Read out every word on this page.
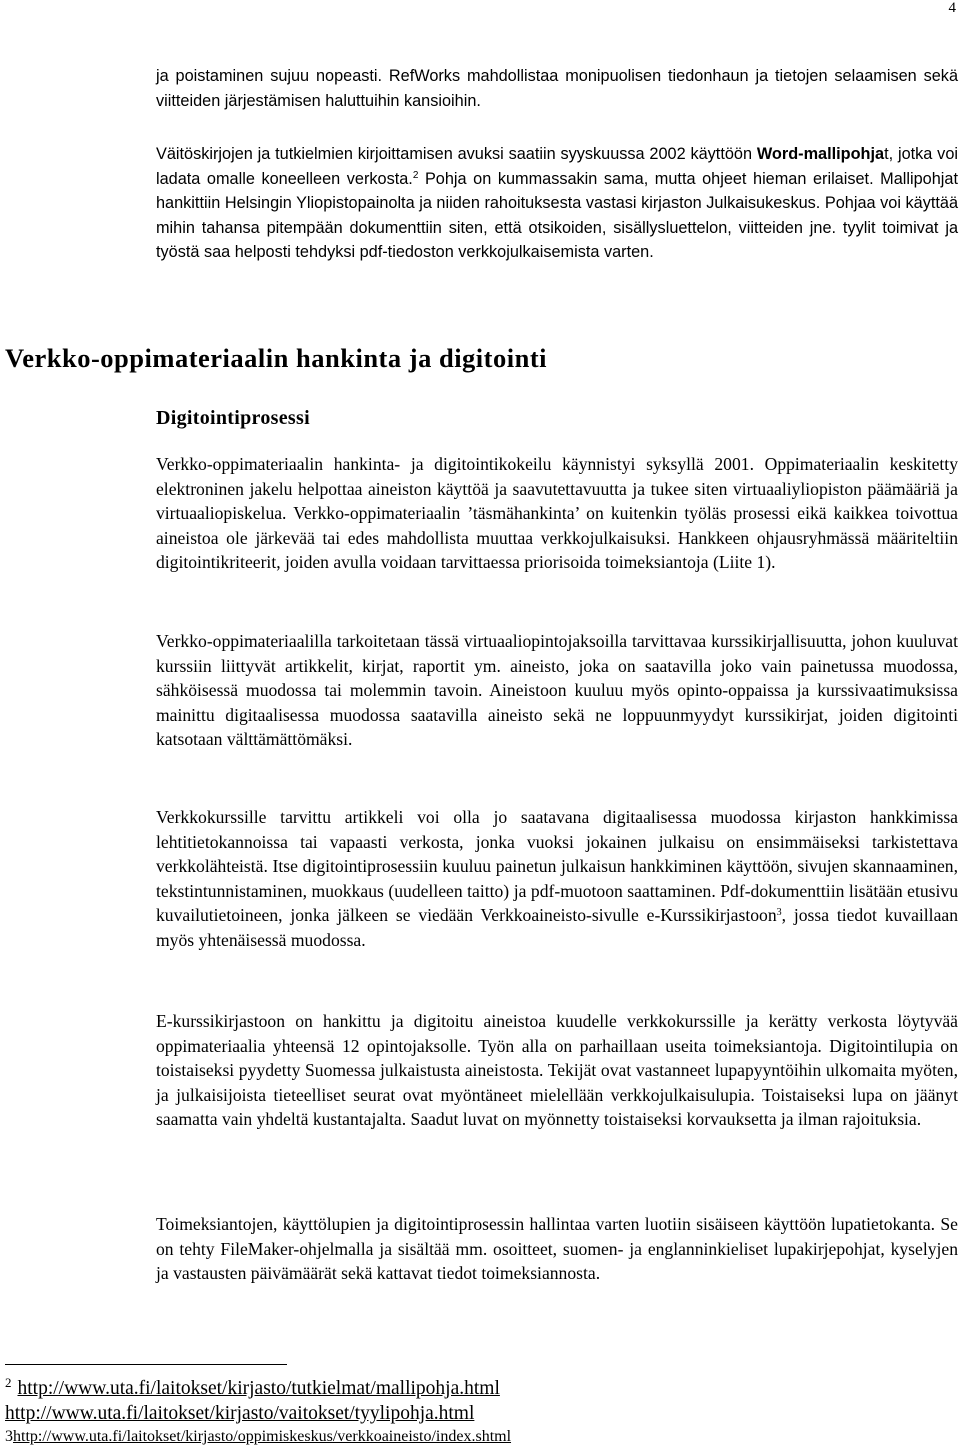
4

ja poistaminen sujuu nopeasti. RefWorks mahdollistaa monipuolisen tiedonhaun ja tietojen selaamisen sekä viitteiden järjestämisen haluttuihin kansioihin.

Väitöskirjojen ja tutkielmien kirjoittamisen avuksi saatiin syyskuussa 2002 käyttöön Word-mallipohjat, jotka voi ladata omalle koneelleen verkosta.$^2$ Pohja on kummassakin sama, mutta ohjeet hieman erilaiset. Mallipohjat hankittiin Helsingin Yliopistopainolta ja niiden rahoituksesta vastasi kirjaston Julkaisukeskus. Pohjaa voi käyttää mihin tahansa pitempään dokumenttiin siten, että otsikoiden, sisällysluettelon, viitteiden jne. tyylit toimivat ja työstä saa helposti tehdyksi pdf-tiedoston verkkojulkaisemista varten.

Verkko-oppimateriaalin hankinta ja digitointi
Digitointiprosessi

Verkko-oppimateriaalin hankinta- ja digitointikokeilu käynnistyi syksyllä 2001. Oppimateriaalin keskitetty elektroninen jakelu helpottaa aineiston käyttöä ja saavutettavuutta ja tukee siten virtuaaliyliopiston päämääriä ja virtuaaliopiskelua. Verkko-oppimateriaalin ’täsmähankinta’ on kuitenkin työläs prosessi eikä kaikkea toivottua aineistoa ole järkevää tai edes mahdollista muuttaa verkkojulkaisuksi. Hankkeen ohjausryhmässä määriteltiin digitointikriteerit, joiden avulla voidaan tarvittaessa priorisoida toimeksiantoja (Liite 1).

Verkko-oppimateriaalilla tarkoitetaan tässä virtuaaliopintojaksoilla tarvittavaa kurssikirjallisuutta, johon kuuluvat kurssiin liittyvät artikkelit, kirjat, raportit ym. aineisto, joka on saatavilla joko vain painetussa muodossa, sähköisessä muodossa tai molemmin tavoin. Aineistoon kuuluu myös opinto-oppaissa ja kurssivaatimuksissa mainittu digitaalisessa muodossa saatavilla aineisto sekä ne loppuunmyydyt kurssikirjat, joiden digitointi katsotaan välttämättömäksi.

Verkkokurssille tarvittu artikkeli voi olla jo saatavana digitaalisessa muodossa kirjaston hankkimissa lehtitietokannoissa tai vapaasti verkosta, jonka vuoksi jokainen julkaisu on ensimmäiseksi tarkistettava verkkolähteistä. Itse digitointiprosessiin kuuluu painetun julkaisun hankkiminen käyttöön, sivujen skannaaminen, tekstintunnistaminen, muokkaus (uudelleen taitto) ja pdf-muotoon saattaminen. Pdf-dokumenttiin lisätään etusivu kuvailutietoineen, jonka jälkeen se viedään Verkkoaineisto-sivulle e-Kurssikirjastoon$^3$, jossa tiedot kuvaillaan myös yhtenäisessä muodossa.

E-kurssikirjastoon on hankittu ja digitoitu aineistoa kuudelle verkkokurssille ja kerätty verkosta löytyvää oppimateriaalia yhteensä 12 opintojaksolle. Työn alla on parhaillaan useita toimeksiantoja. Digitointilupia on toistaiseksi pyydetty Suomessa julkaistusta aineistosta. Tekijät ovat vastanneet lupapyyntöihin ulkomaita myöten, ja julkaisijoista tieteelliset seurat ovat myöntäneet mielellään verkkojulkaisulupia. Toistaiseksi lupa on jäänyt saamatta vain yhdeltä kustantajalta. Saadut luvat on myönnetty toistaiseksi korvauksetta ja ilman rajoituksia.

Toimeksiantojen, käyttölupien ja digitointiprosessin hallintaa varten luotiin sisäiseen käyttöön lupatietokanta. Se on tehty FileMaker-ohjelmalla ja sisältää mm. osoitteet, suomen- ja englanninkieliset lupakirjepohjat, kyselyjen ja vastausten päivämäärät sekä kattavat tiedot toimeksiannosta.

$^2$ http://www.uta.fi/laitokset/kirjasto/tutkielmat/mallipohja.html
http://www.uta.fi/laitokset/kirjasto/vaitokset/tyylipohja.html
3http://www.uta.fi/laitokset/kirjasto/oppimiskeskus/verkkoaineisto/index.shtml
